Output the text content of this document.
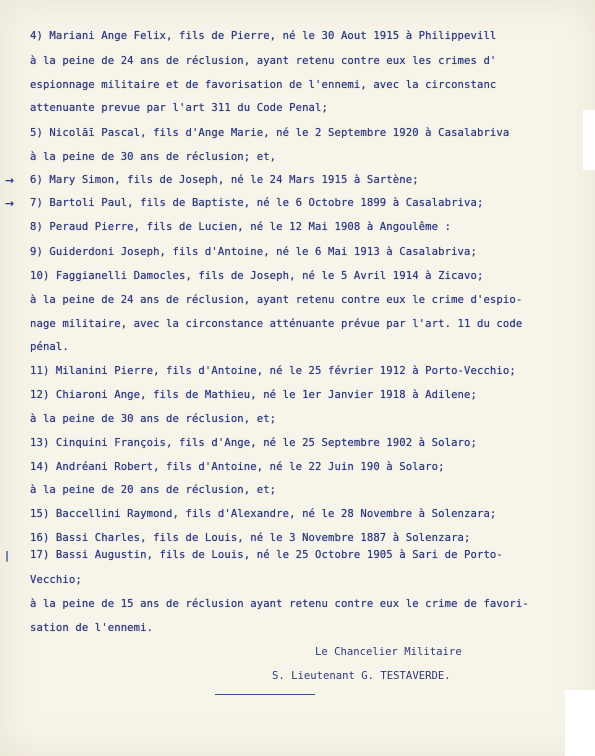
4) Mariani Ange Felix, fils de Pierre, né le 30 Aout 1915 à Philippevill
à la peine de 24 ans de réclusion, ayant retenu contre eux les crimes d'
espionnage militaire et de favorisation de l'ennemi, avec la circonstanc
attenuante prevue par l'art 311 du Code Penal;
5) Nicolāī Pascal, fils d'Ange Marie, né le 2 Septembre 1920 à Casalabriva
à la peine de 30 ans de réclusion; et,
→ 6) Mary Simon, fils de Joseph, né le 24 Mars 1915 à Sartène;
→ 7) Bartoli Paul, fils de Baptiste, né le 6 Octobre 1899 à Casalabriva;
8) Peraud Pierre, fils de Lucien, né le 12 Mai 1908 à Angoulême :
9) Guiderdoni Joseph, fils d'Antoine, né le 6 Mai 1913 à Casalabriva;
10) Faggianelli Damocles, fils de Joseph, né le 5 Avril 1914 à Zicavo;
à la peine de 24 ans de réclusion, ayant retenu contre eux le crime d'espio-
nage militaire, avec la circonstance atténuante prévue par l'art. 11 du code
pénal.
11) Milanini Pierre, fils d'Antoine, né le 25 février 1912 à Porto-Vecchio;
12) Chiaroni Ange, fils de Mathieu, né le 1er Janvier 1918 à Adilene;
à la peine de 30 ans de réclusion, et;
13) Cinquini François, fils d'Ange, né le 25 Septembre 1902 à Solaro;
14) Andréani Robert, fils d'Antoine, né le 22 Juin 190 à Solaro;
à la peine de 20 ans de réclusion, et;
15) Baccellini Raymond, fils d'Alexandre, né le 28 Novembre à Solenzara;
16) Bassi Charles, fils de Louis, né le 3 Novembre 1887 à Solenzara;
| 17) Bassi Augustin, fils de Louis, né le 25 Octobre 1905 à Sari de Porto-
Vecchio;
à la peine de 15 ans de réclusion ayant retenu contre eux le crime de favori-
sation de l'ennemi.
Le Chancelier Militaire
S. Lieutenant G. TESTAVERDE.
